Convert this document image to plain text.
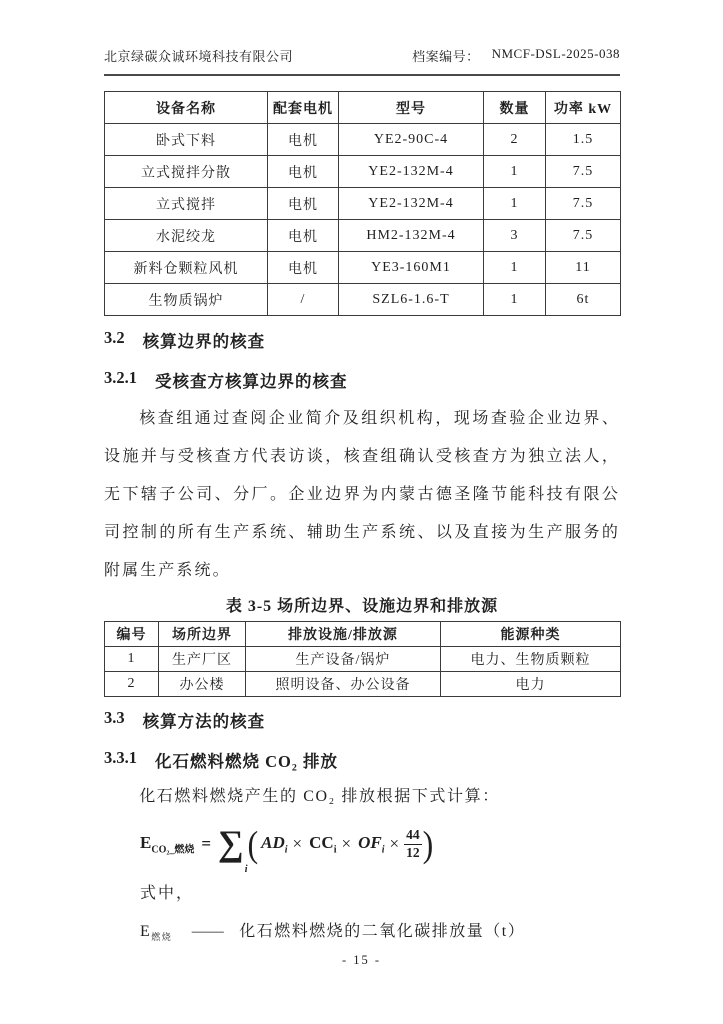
北京绿碳众诚环境科技有限公司	档案编号： NMCF-DSL-2025-038
设备名称	配套电机	型号	数量	功率 kW
卧式下料	电机	YE2-90C-4	2	1.5
立式搅拌分散	电机	YE2-132M-4	1	7.5
立式搅拌	电机	YE2-132M-4	1	7.5
水泥绞龙	电机	HM2-132M-4	3	7.5
新料仓颗粒风机	电机	YE3-160M1	1	11
生物质锅炉	/	SZL6-1.6-T	1	6t
3.2 核算边界的核查
3.2.1 受核查方核算边界的核查
核查组通过查阅企业简介及组织机构，现场查验企业边界、设施并与受核查方代表访谈，核查组确认受核查方为独立法人，无下辖子公司、分厂。企业边界为内蒙古德圣隆节能科技有限公司控制的所有生产系统、辅助生产系统、以及直接为生产服务的附属生产系统。
表 3-5 场所边界、设施边界和排放源
编号	场所边界	排放设施/排放源	能源种类
1	生产厂区	生产设备/锅炉	电力、生物质颗粒
2	办公楼	照明设备、办公设备	电力
3.3 核算方法的核查
3.3.1 化石燃料燃烧 CO₂ 排放
化石燃料燃烧产生的 CO₂ 排放根据下式计算：
$E_{CO_2\_燃烧} = \sum_i$
( $AD_i \times CC_i \times OF_i \times \frac{44}{12}$ )
式中，
$E_{燃烧}$ —— 化石燃料燃烧的二氧化碳排放量（t）
- 15 -
